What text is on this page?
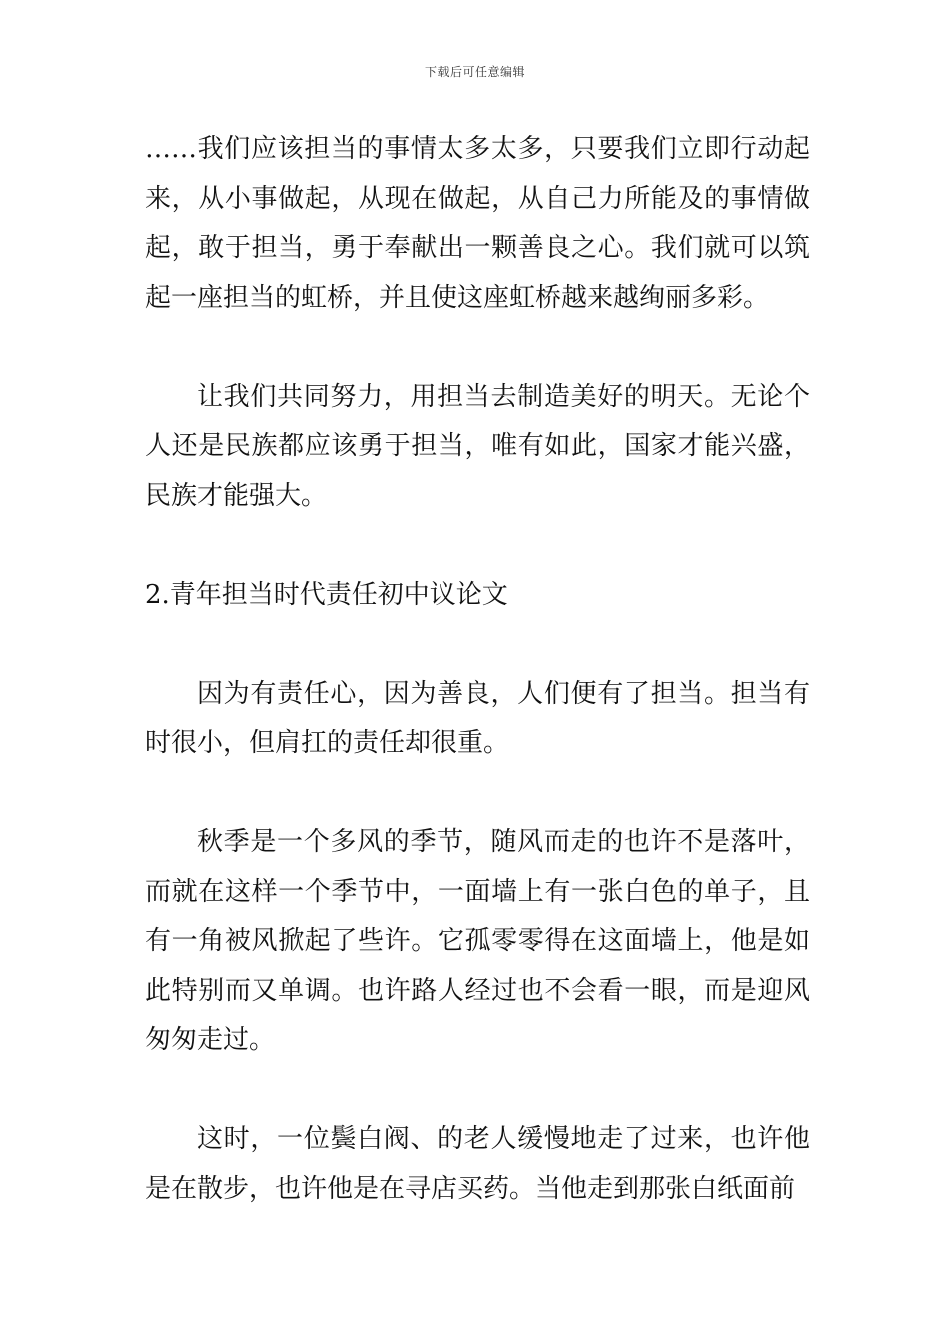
下载后可任意编辑

……我们应该担当的事情太多太多，只要我们立即行动起来，从小事做起，从现在做起，从自己力所能及的事情做起，敢于担当，勇于奉献出一颗善良之心。我们就可以筑起一座担当的虹桥，并且使这座虹桥越来越绚丽多彩。

让我们共同努力，用担当去制造美好的明天。无论个人还是民族都应该勇于担当，唯有如此，国家才能兴盛，民族才能强大。

2.青年担当时代责任初中议论文

因为有责任心，因为善良，人们便有了担当。担当有时很小，但肩扛的责任却很重。

秋季是一个多风的季节，随风而走的也许不是落叶，而就在这样一个季节中，一面墙上有一张白色的单子，且有一角被风掀起了些许。它孤零零得在这面墙上，他是如此特别而又单调。也许路人经过也不会看一眼，而是迎风匆匆走过。

这时，一位鬓白阀、的老人缓慢地走了过来，也许他是在散步，也许他是在寻店买药。当他走到那张白纸面前
